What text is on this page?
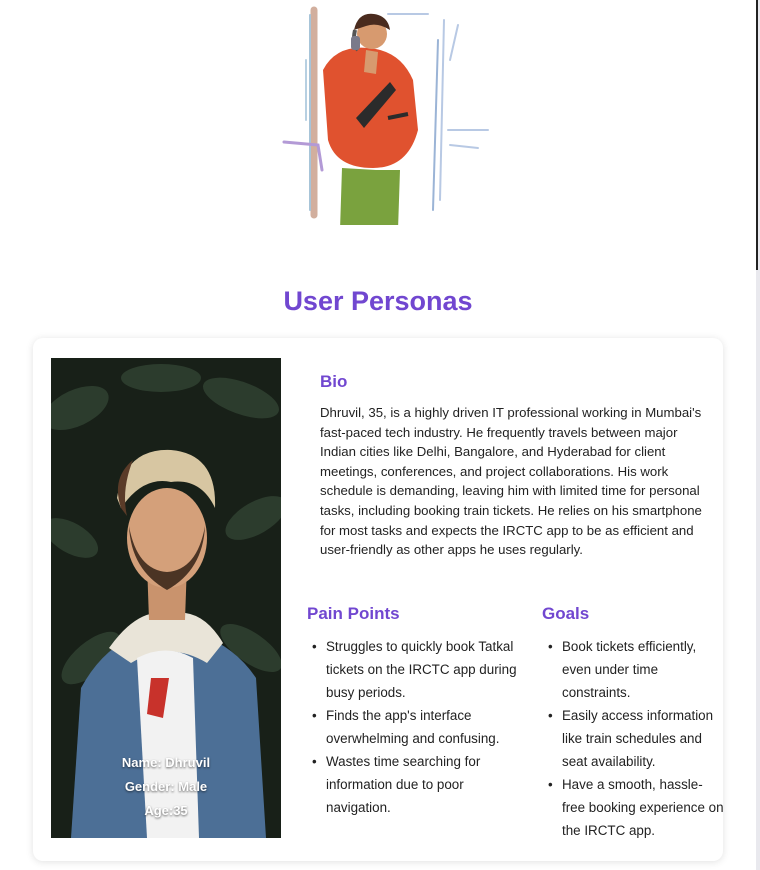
User Personas
Name: Dhruvil
Gender: Male
Age:35
Bio

Dhruvil, 35, is a highly driven IT professional working in Mumbai's fast-paced tech industry. He frequently travels between major Indian cities like Delhi, Bangalore, and Hyderabad for client meetings, conferences, and project collaborations. His work schedule is demanding, leaving him with limited time for personal tasks, including booking train tickets. He relies on his smartphone for most tasks and expects the IRCTC app to be as efficient and user-friendly as other apps he uses regularly.

Pain Points
• Struggles to quickly book Tatkal tickets on the IRCTC app during busy periods.
• Finds the app's interface overwhelming and confusing.
• Wastes time searching for information due to poor navigation.
Goals
• Book tickets efficiently, even under time constraints.
• Easily access information like train schedules and seat availability.
• Have a smooth, hassle-free booking experience on the IRCTC app.
